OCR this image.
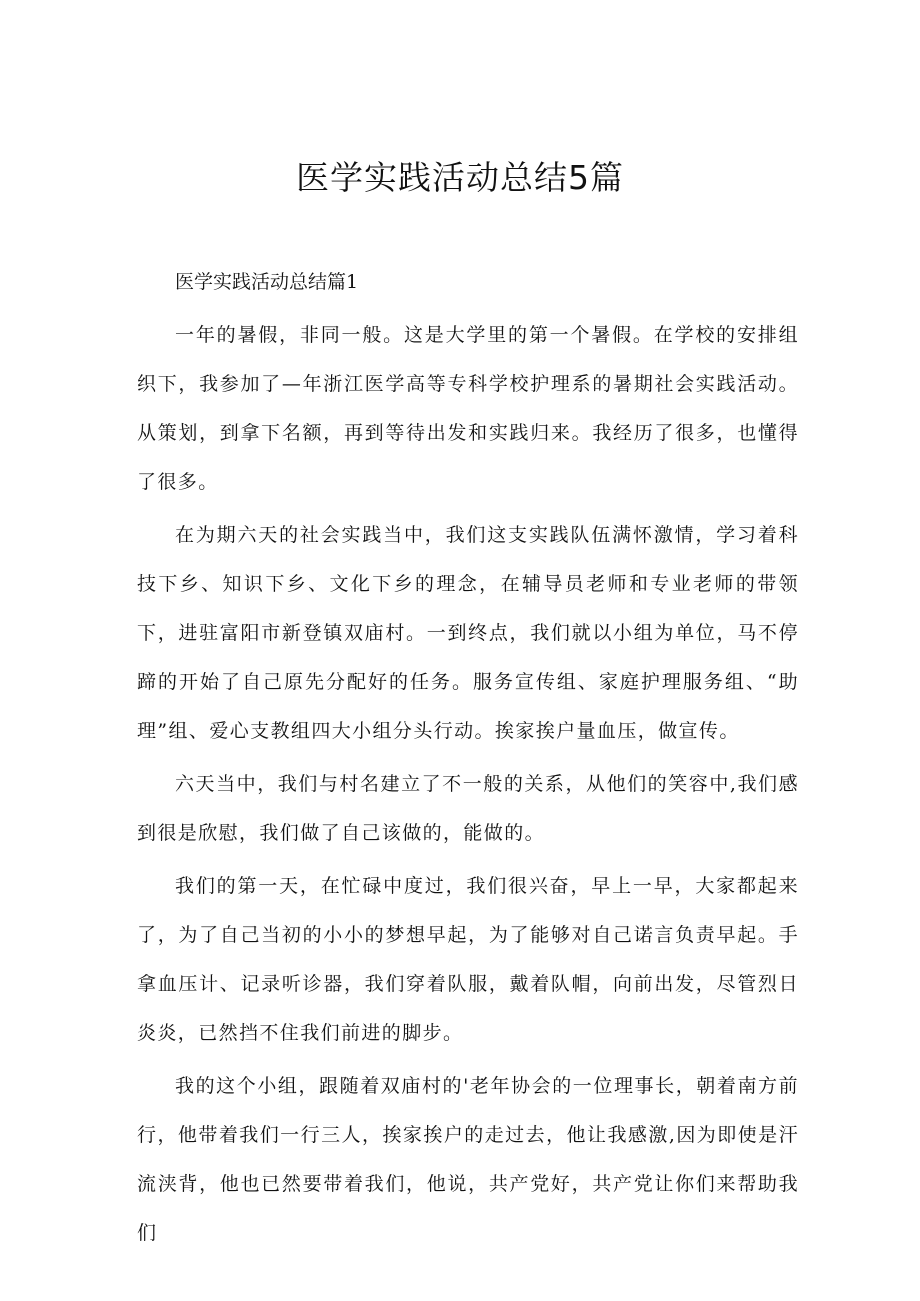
医学实践活动总结5篇

医学实践活动总结篇1

一年的暑假，非同一般。这是大学里的第一个暑假。在学校的安排组织下，我参加了—年浙江医学高等专科学校护理系的暑期社会实践活动。从策划，到拿下名额，再到等待出发和实践归来。我经历了很多，也懂得了很多。

在为期六天的社会实践当中，我们这支实践队伍满怀激情，学习着科技下乡、知识下乡、文化下乡的理念，在辅导员老师和专业老师的带领下，进驻富阳市新登镇双庙村。一到终点，我们就以小组为单位，马不停蹄的开始了自己原先分配好的任务。服务宣传组、家庭护理服务组、“助理”组、爱心支教组四大小组分头行动。挨家挨户量血压，做宣传。

六天当中，我们与村名建立了不一般的关系，从他们的笑容中,我们感到很是欣慰，我们做了自己该做的，能做的。

我们的第一天，在忙碌中度过，我们很兴奋，早上一早，大家都起来了，为了自己当初的小小的梦想早起，为了能够对自己诺言负责早起。手拿血压计、记录听诊器，我们穿着队服，戴着队帽，向前出发，尽管烈日炎炎，已然挡不住我们前进的脚步。

我的这个小组，跟随着双庙村的'老年协会的一位理事长，朝着南方前行，他带着我们一行三人，挨家挨户的走过去，他让我感激,因为即使是汗流浃背，他也已然要带着我们，他说，共产党好，共产党让你们来帮助我们
